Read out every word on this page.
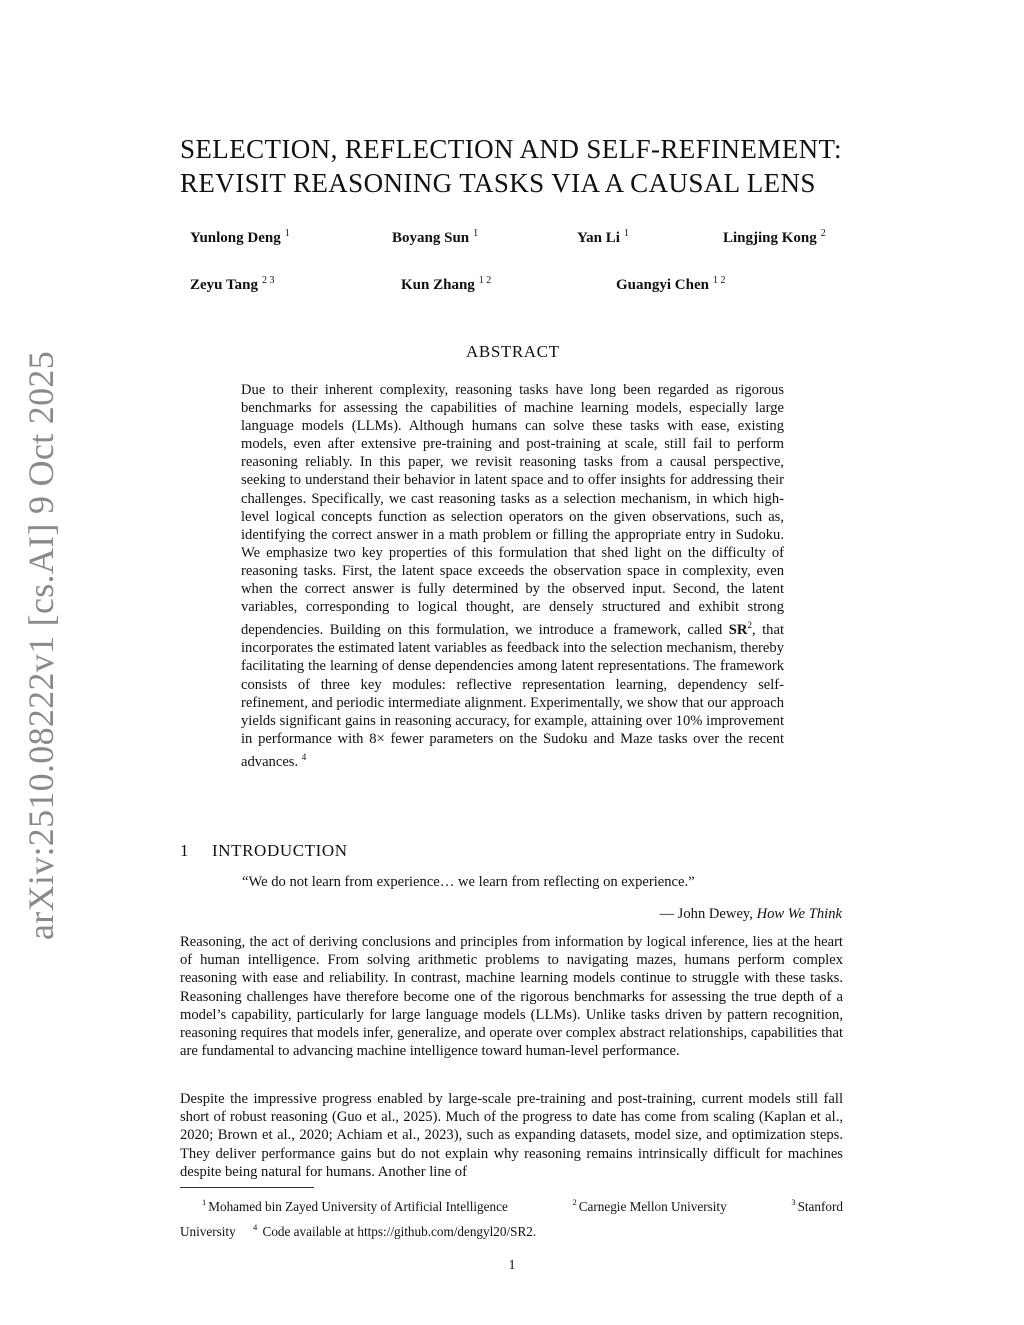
arXiv:2510.08222v1 [cs.AI] 9 Oct 2025
SELECTION, REFLECTION AND SELF-REFINEMENT:
REVISIT REASONING TASKS VIA A CAUSAL LENS
Yunlong Deng $^1$	Boyang Sun $^1$	Yan Li $^1$	Lingjing Kong $^2$
Zeyu Tang $^{2 3}$	Kun Zhang $^{1 2}$	Guangyi Chen $^{1 2}$
ABSTRACT
Due to their inherent complexity, reasoning tasks have long been regarded as rigorous benchmarks for assessing the capabilities of machine learning models, especially large language models (LLMs). Although humans can solve these tasks with ease, existing models, even after extensive pre-training and post-training at scale, still fail to perform reasoning reliably. In this paper, we revisit reasoning tasks from a causal perspective, seeking to understand their behavior in latent space and to offer insights for addressing their challenges. Specifically, we cast reasoning tasks as a selection mechanism, in which high-level logical concepts function as selection operators on the given observations, such as, identifying the correct answer in a math problem or filling the appropriate entry in Sudoku. We emphasize two key properties of this formulation that shed light on the difficulty of reasoning tasks. First, the latent space exceeds the observation space in complexity, even when the correct answer is fully determined by the observed input. Second, the latent variables, corresponding to logical thought, are densely structured and exhibit strong dependencies. Building on this formulation, we introduce a framework, called $SR^2$, that incorporates the estimated latent variables as feedback into the selection mechanism, thereby facilitating the learning of dense dependencies among latent representations. The framework consists of three key modules: reflective representation learning, dependency self-refinement, and periodic intermediate alignment. Experimentally, we show that our approach yields significant gains in reasoning accuracy, for example, attaining over 10% improvement in performance with 8× fewer parameters on the Sudoku and Maze tasks over the recent advances. $^4$
1 INTRODUCTION
“We do not learn from experience… we learn from reflecting on experience.”
— John Dewey, How We Think
Reasoning, the act of deriving conclusions and principles from information by logical inference, lies at the heart of human intelligence. From solving arithmetic problems to navigating mazes, humans perform complex reasoning with ease and reliability. In contrast, machine learning models continue to struggle with these tasks. Reasoning challenges have therefore become one of the rigorous benchmarks for assessing the true depth of a model’s capability, particularly for large language models (LLMs). Unlike tasks driven by pattern recognition, reasoning requires that models infer, generalize, and operate over complex abstract relationships, capabilities that are fundamental to advancing machine intelligence toward human-level performance.
Despite the impressive progress enabled by large-scale pre-training and post-training, current models still fall short of robust reasoning (Guo et al., 2025). Much of the progress to date has come from scaling (Kaplan et al., 2020; Brown et al., 2020; Achiam et al., 2023), such as expanding datasets, model size, and optimization steps. They deliver performance gains but do not explain why reasoning remains intrinsically difficult for machines despite being natural for humans. Another line of
$^1$ Mohamed bin Zayed University of Artificial Intelligence	$^2$ Carnegie Mellon University	$^3$ Stanford
University $^4$ Code available at https://github.com/dengyl20/SR2.
1
